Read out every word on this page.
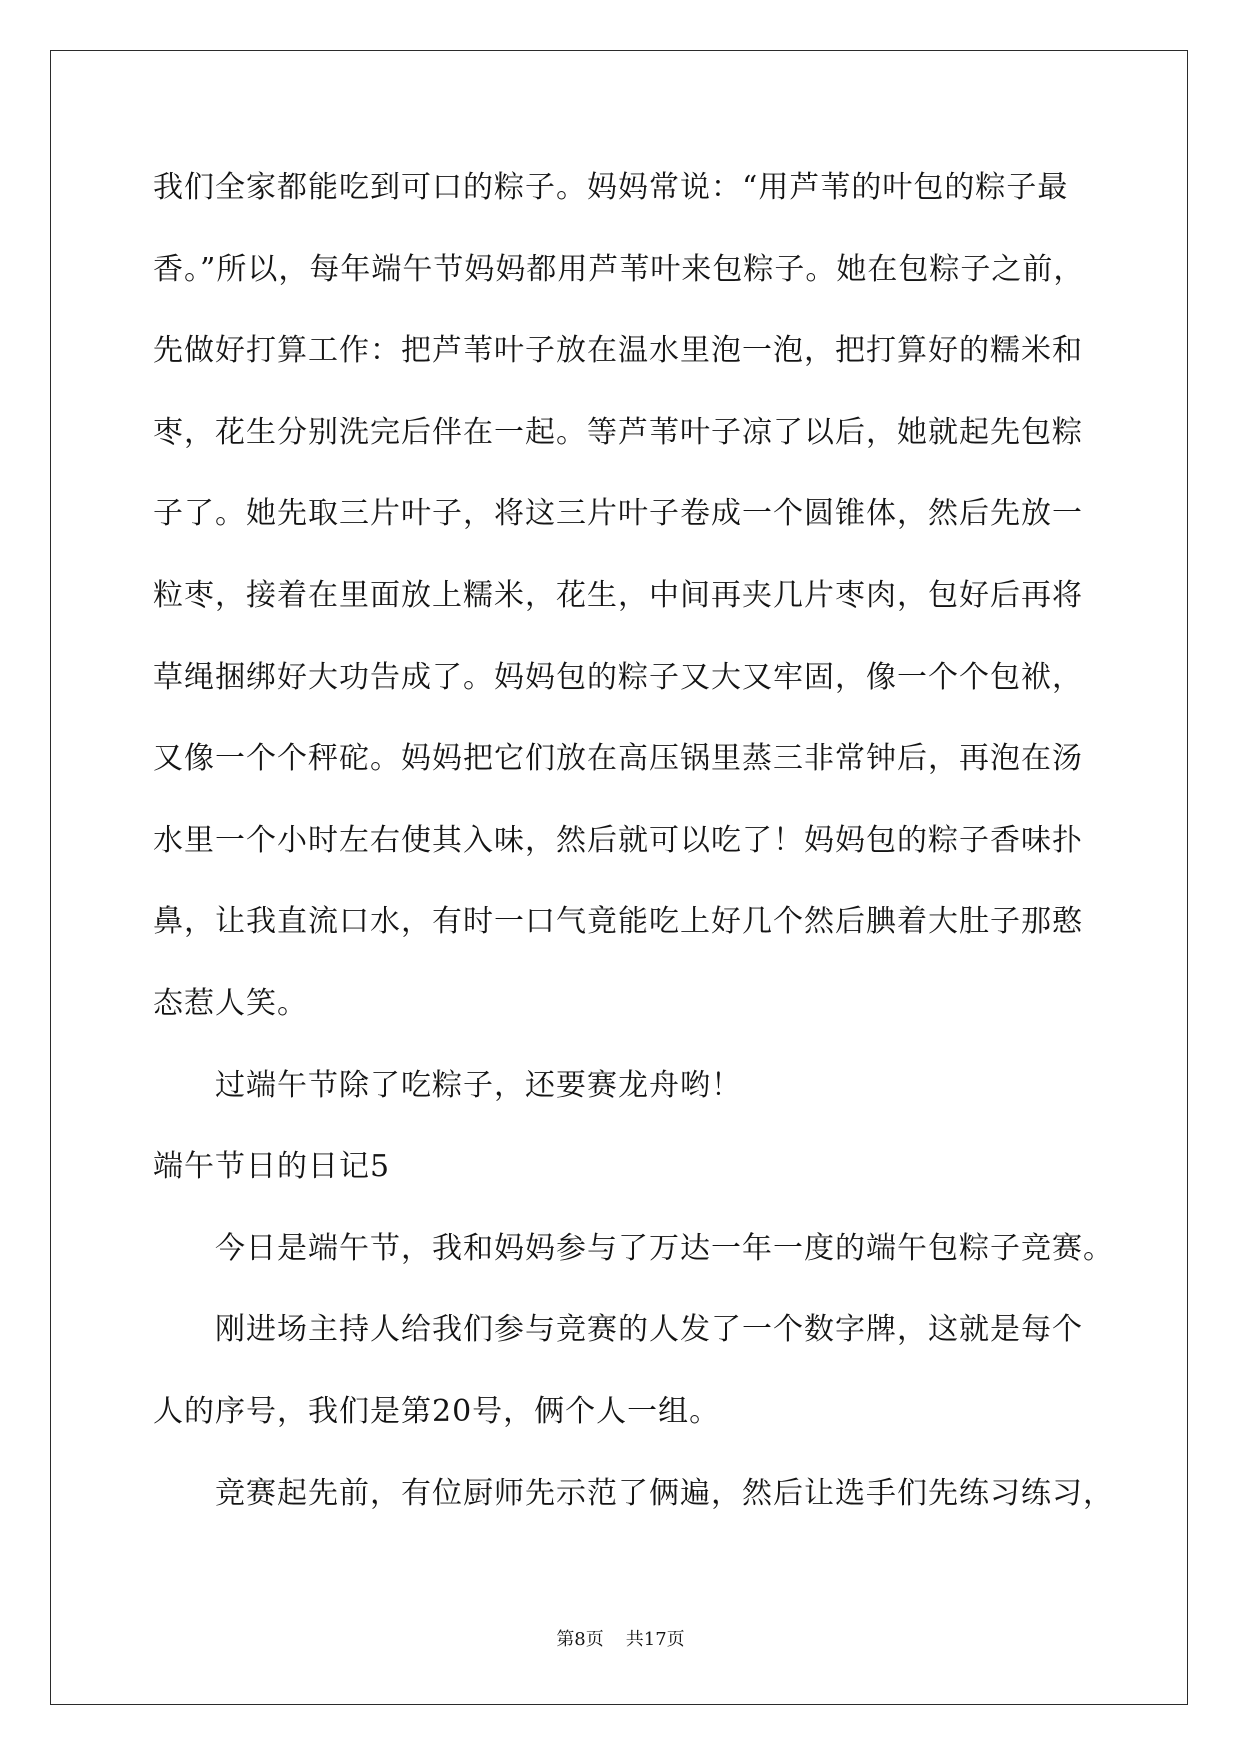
我们全家都能吃到可口的粽子。妈妈常说：“用芦苇的叶包的粽子最
香。”所以，每年端午节妈妈都用芦苇叶来包粽子。她在包粽子之前，
先做好打算工作：把芦苇叶子放在温水里泡一泡，把打算好的糯米和
枣，花生分别洗完后伴在一起。等芦苇叶子凉了以后，她就起先包粽
子了。她先取三片叶子，将这三片叶子卷成一个圆锥体，然后先放一
粒枣，接着在里面放上糯米，花生，中间再夹几片枣肉，包好后再将
草绳捆绑好大功告成了。妈妈包的粽子又大又牢固，像一个个包袱，
又像一个个秤砣。妈妈把它们放在高压锅里蒸三非常钟后，再泡在汤
水里一个小时左右使其入味，然后就可以吃了！妈妈包的粽子香味扑
鼻，让我直流口水，有时一口气竟能吃上好几个然后腆着大肚子那憨
态惹人笑。
过端午节除了吃粽子，还要赛龙舟哟！
端午节日的日记5
今日是端午节，我和妈妈参与了万达一年一度的端午包粽子竞赛。
刚进场主持人给我们参与竞赛的人发了一个数字牌，这就是每个
人的序号，我们是第20号，俩个人一组。
竞赛起先前，有位厨师先示范了俩遍，然后让选手们先练习练习，
第8页 共17页
